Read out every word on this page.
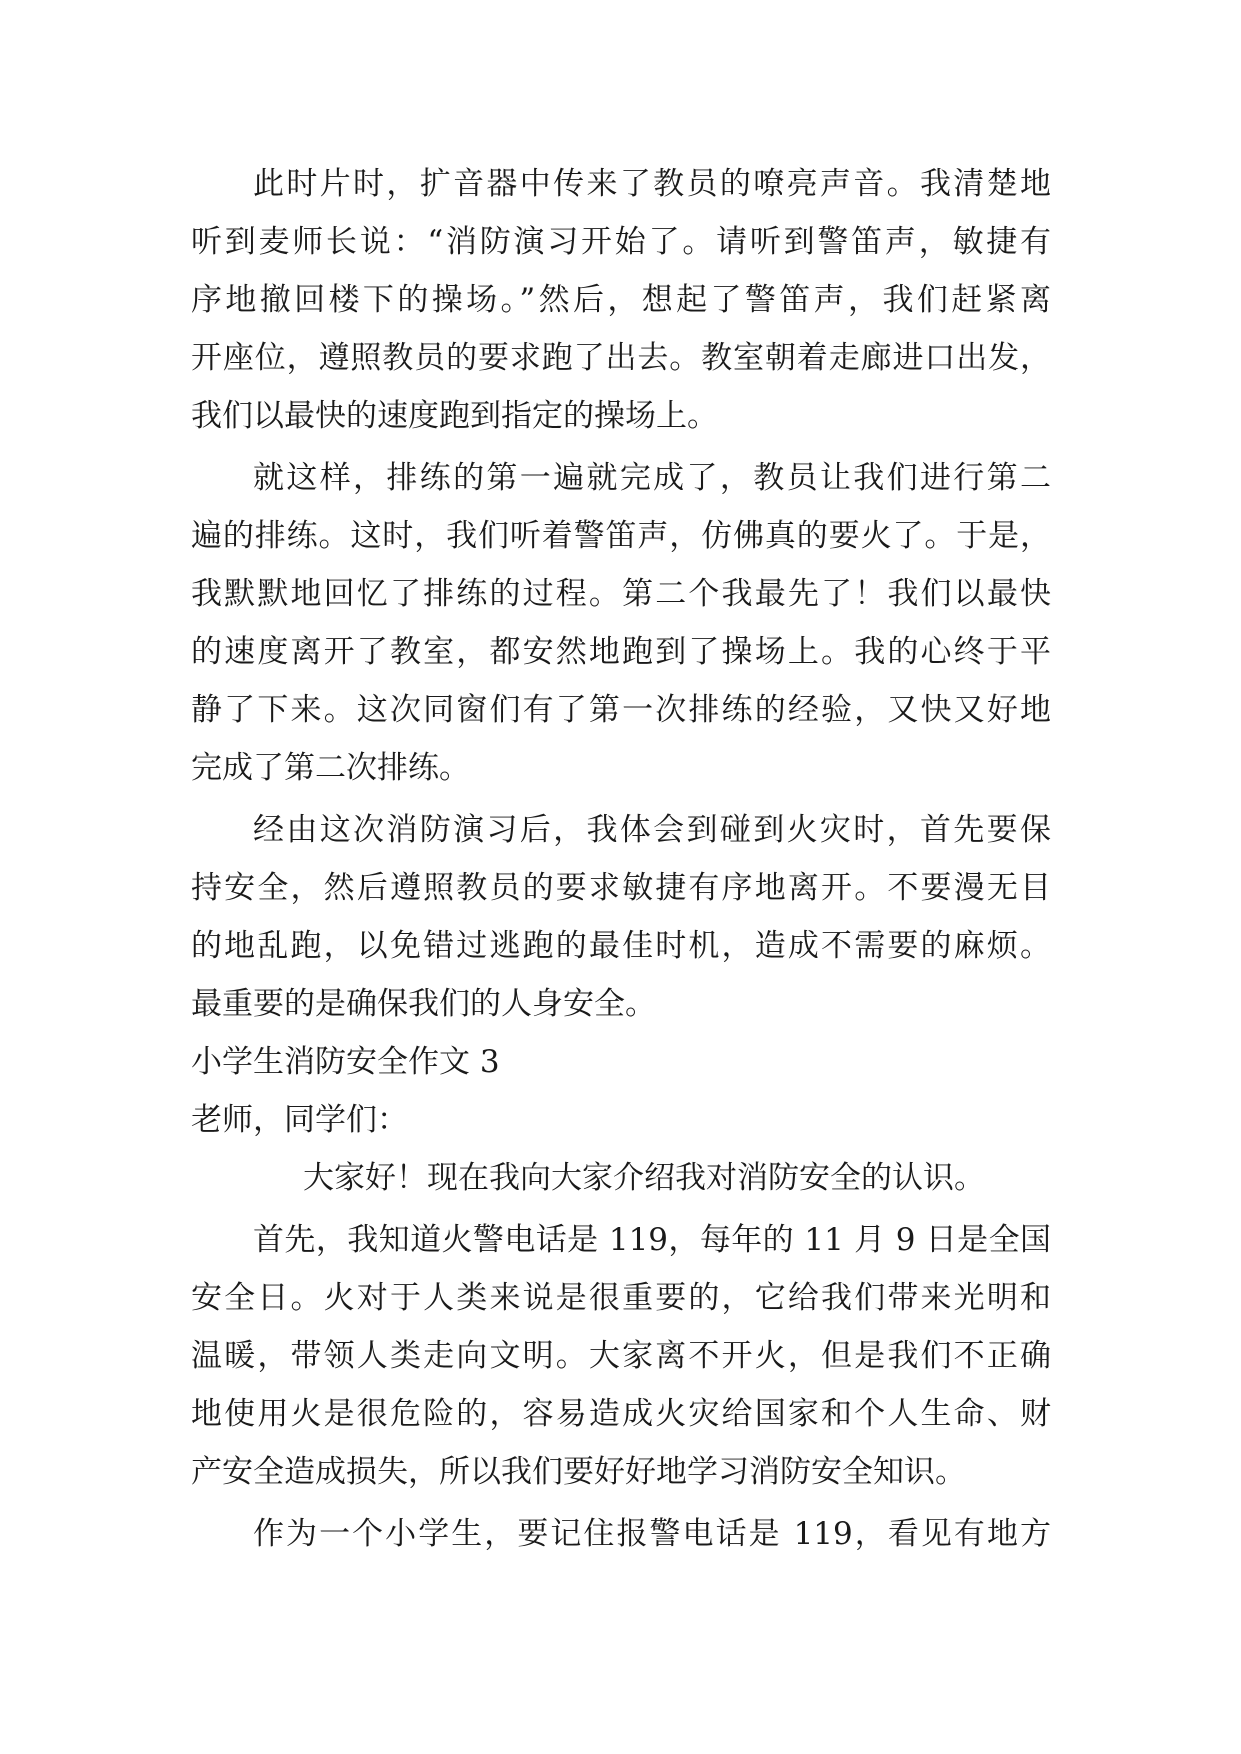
此时片时，扩音器中传来了教员的嘹亮声音。我清楚地
听到麦师长说：“消防演习开始了。请听到警笛声，敏捷有
序地撤回楼下的操场。”然后，想起了警笛声，我们赶紧离
开座位，遵照教员的要求跑了出去。教室朝着走廊进口出发，
我们以最快的速度跑到指定的操场上。
就这样，排练的第一遍就完成了，教员让我们进行第二
遍的排练。这时，我们听着警笛声，仿佛真的要火了。于是，
我默默地回忆了排练的过程。第二个我最先了！我们以最快
的速度离开了教室，都安然地跑到了操场上。我的心终于平
静了下来。这次同窗们有了第一次排练的经验，又快又好地
完成了第二次排练。
经由这次消防演习后，我体会到碰到火灾时，首先要保
持安全，然后遵照教员的要求敏捷有序地离开。不要漫无目
的地乱跑，以免错过逃跑的最佳时机，造成不需要的麻烦。
最重要的是确保我们的人身安全。
小学生消防安全作文 3
老师，同学们：
大家好！现在我向大家介绍我对消防安全的认识。
首先，我知道火警电话是 119，每年的 11 月 9 日是全国
安全日。火对于人类来说是很重要的，它给我们带来光明和
温暖，带领人类走向文明。大家离不开火，但是我们不正确
地使用火是很危险的，容易造成火灾给国家和个人生命、财
产安全造成损失，所以我们要好好地学习消防安全知识。
作为一个小学生，要记住报警电话是 119，看见有地方
